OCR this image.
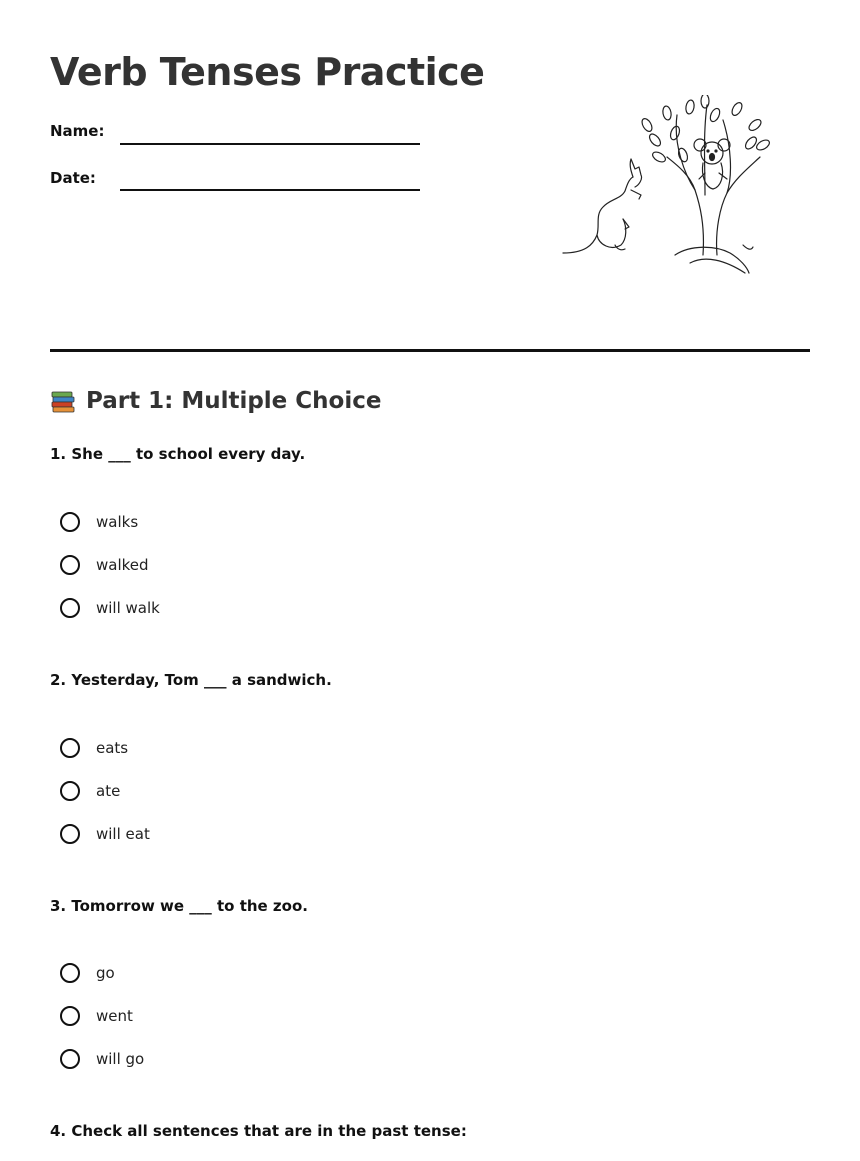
Verb Tenses Practice
Name:
Date:
Part 1: Multiple Choice

1. She ___ to school every day.

walks
walked
will walk

2. Yesterday, Tom ___ a sandwich.

eats
ate
will eat

3. Tomorrow we ___ to the zoo.

go
went
will go

4. Check all sentences that are in the past tense:
